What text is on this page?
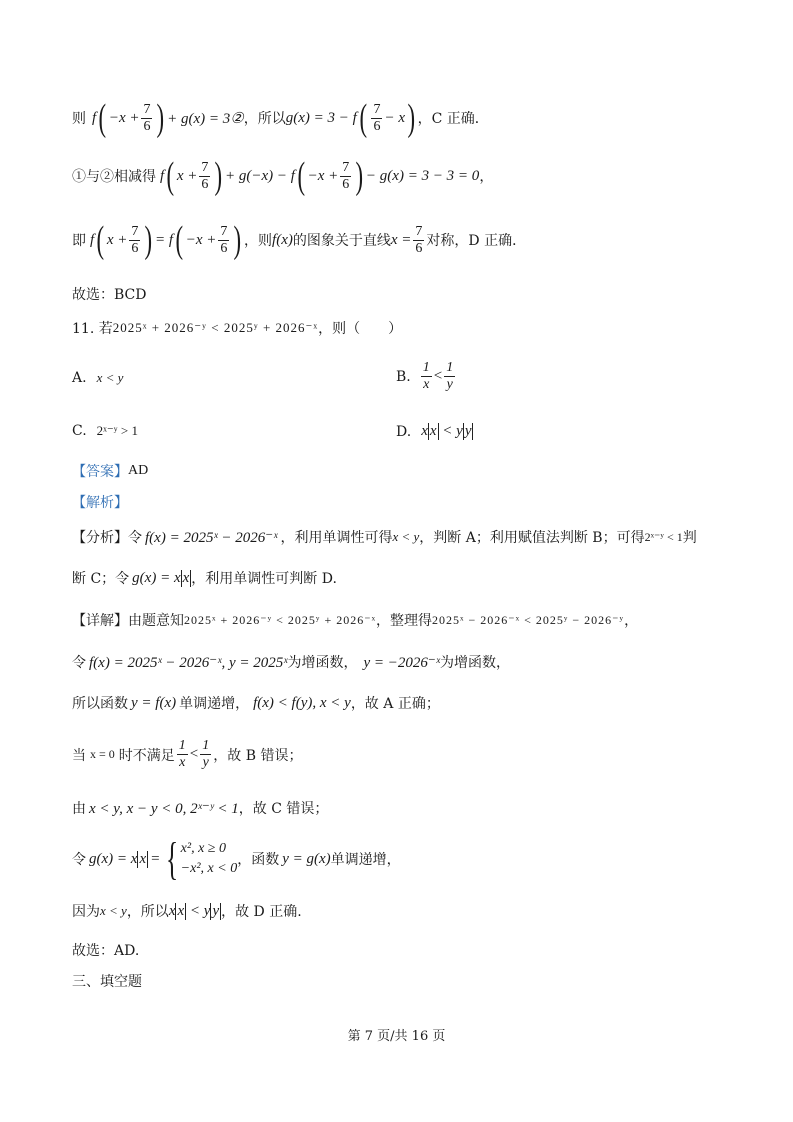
则 f ( $-x + \frac{7}{6}$ ) + g(x) = 3② ，所以 g(x) = 3 − f ( $\frac{7}{6} - x$ ) ，C 正确．
①与②相减得 f ( $x + \frac{7}{6}$ ) + g(−x) − f ( $-x + \frac{7}{6}$ ) − g(x) = 3 − 3 = 0 ，
即 f ( $x + \frac{7}{6}$ ) = f ( $-x + \frac{7}{6}$ ) ，则 f(x) 的图象关于直线 $x = \frac{7}{6}$ 对称，D 正确．
故选：BCD
11. 若 2025ˣ + 2026⁻ʸ < 2025ʸ + 2026⁻ˣ ，则（　　）
A. x < y	B. $\frac{1}{x} < \frac{1}{y}$
C. 2ˣ⁻ʸ > 1	D. x x < y y
【答案】 AD
【解析】
【分析】 令 f(x) = 2025ˣ − 2026⁻ˣ ，利用单调性可得 x < y ，判断 A；利用赋值法判断 B；可得 2ˣ⁻ʸ < 1 判
断 C；令 g(x) = x x ，利用单调性可判断 D.
【详解】 由题意知 2025ˣ + 2026⁻ʸ < 2025ʸ + 2026⁻ˣ ，整理得 2025ˣ − 2026⁻ˣ < 2025ʸ − 2026⁻ʸ ，
令 f(x) = 2025ˣ − 2026⁻ˣ, y = 2025ˣ 为增函数， y = −2026⁻ˣ 为增函数，
所以函数 y = f(x) 单调递增， f(x) < f(y), x < y ，故 A 正确；
当 x = 0 时不满足 $\frac{1}{x} < \frac{1}{y}$ ，故 B 错误；
由 x < y, x − y < 0, 2ˣ⁻ʸ < 1 ，故 C 错误；
令 g(x) = x x = { x², x ≥ 0
−x², x < 0
，函数 y = g(x) 单调递增，
因为 x < y ，所以 x x < y y ，故 D 正确.
故选：AD.
三、填空题
第 7 页/共 16 页
